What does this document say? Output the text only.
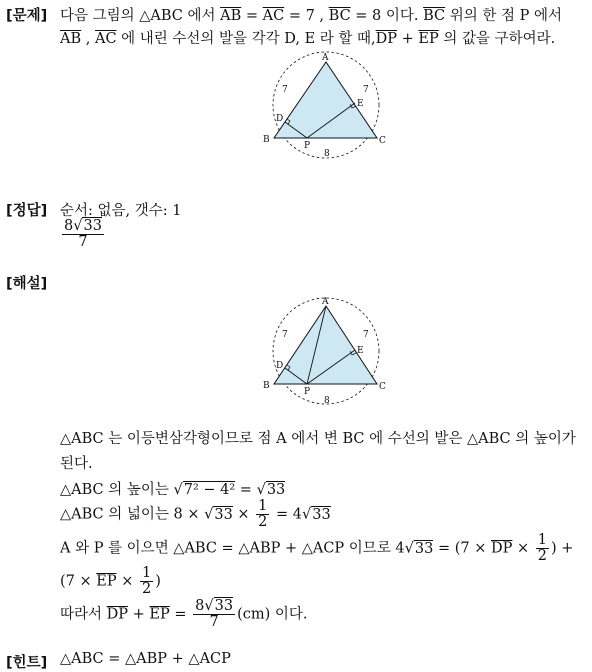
[문제] 다음 그림의 △ABC 에서 $\overline{AB} = \overline{AC} = 7$ , $\overline{BC} = 8$ 이다. $\overline{BC}$ 위의 한 점 P 에서
$\overline{AB}$ , $\overline{AC}$ 에 내린 수선의 발을 각각 D, E 라 할 때$,\overline{DP} + \overline{EP}$ 의 값을 구하여라.
A
B	C
D
E
P
7	7
8
[정답] 순서: 없음, 갯수: 1
$\frac{8√33}{7}$
[해설]
A
B	C
D
E
P
7	7
8
△ABC 는 이등변삼각형이므로 점 A 에서 변 BC 에 수선의 발은 △ABC 의 높이가
된다.
△ABC 의 높이는 √7² − 4² = √33
△ABC 의 넓이는 $8 \times √33 \times \frac{1}{2} = 4√33$
A 와 P 를 이으면 △ABC = △ABP + △ACP 이므로 $4√33 = (7 \times \overline{DP} \times \frac{1}{2}$ ) +
($7 \times \overline{EP} \times \frac{1}{2}$ )
따라서 $\overline{DP} + \overline{EP} = \frac{8√33}{7} (cm)$ 이다.
[힌트] △ABC = △ABP + △ACP
